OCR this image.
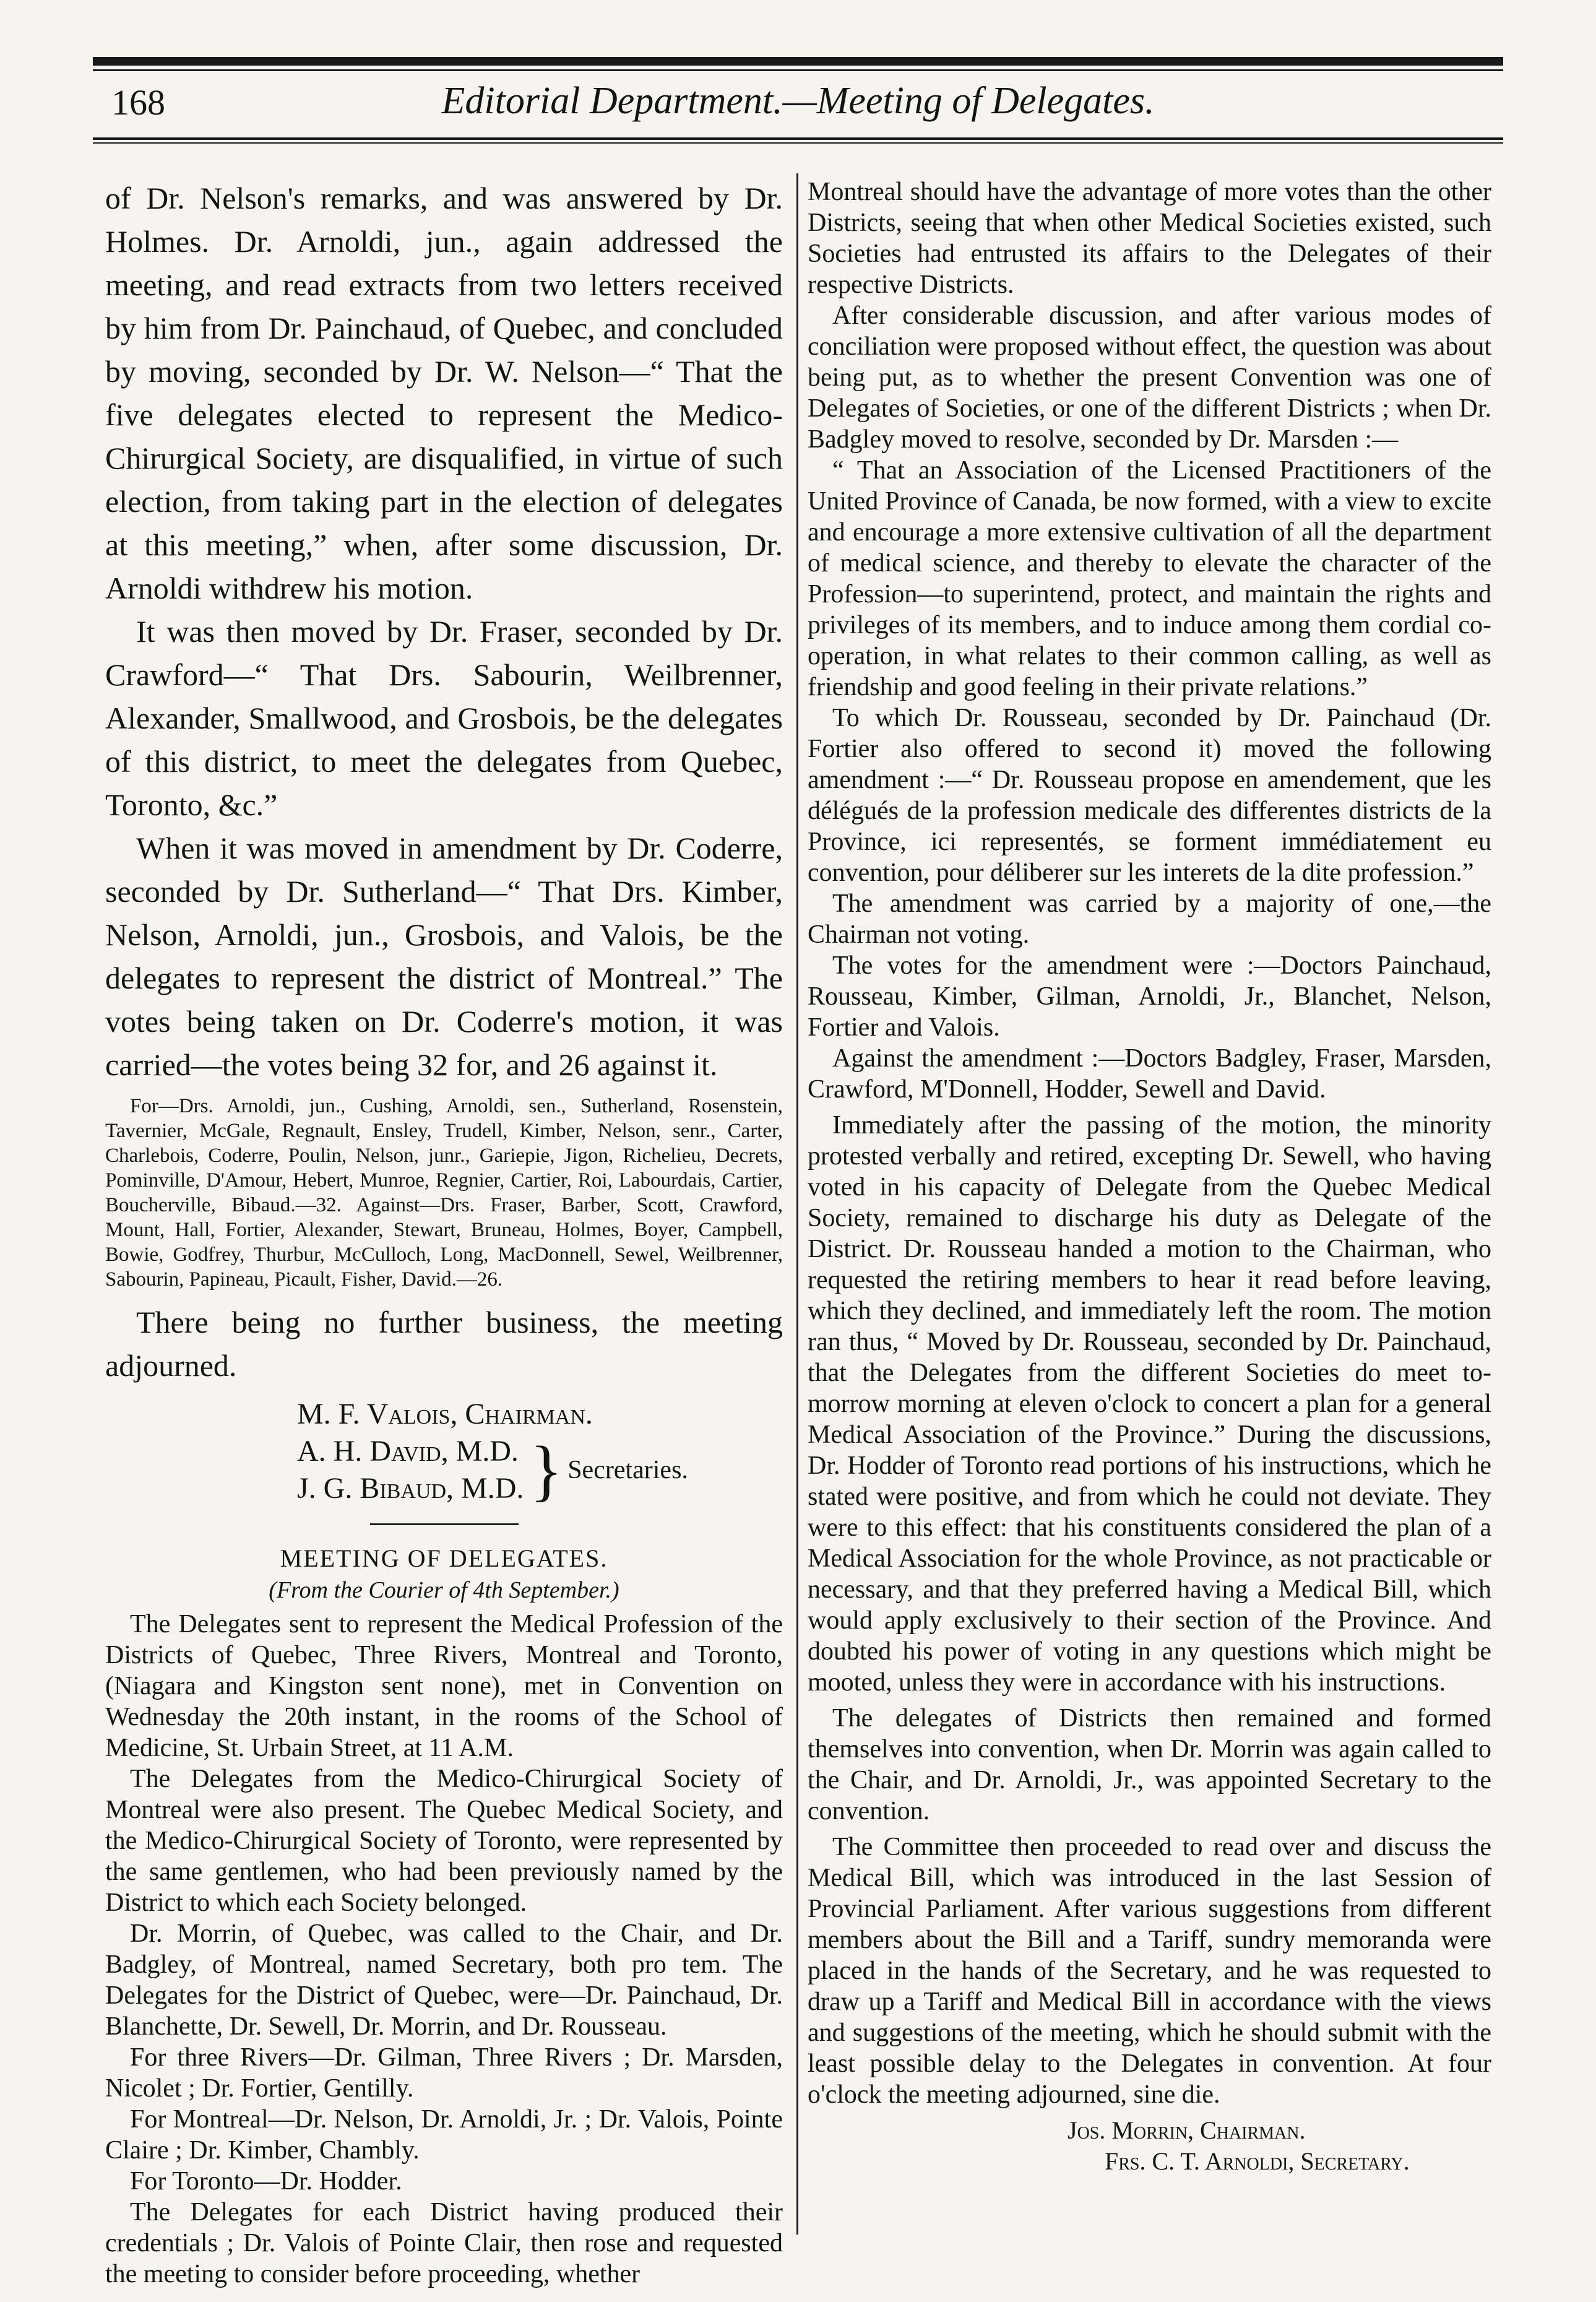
168	Editorial Department.—Meeting of Delegates.

of Dr. Nelson's remarks, and was answered by Dr. Holmes. Dr. Arnoldi, jun., again addressed the meeting, and read extracts from two letters received by him from Dr. Painchaud, of Quebec, and concluded by moving, seconded by Dr. W. Nelson—“ That the five delegates elected to represent the Medico-Chirurgical Society, are disqualified, in virtue of such election, from taking part in the election of delegates at this meeting,” when, after some discussion, Dr. Arnoldi withdrew his motion.

It was then moved by Dr. Fraser, seconded by Dr. Crawford—“ That Drs. Sabourin, Weilbrenner, Alexander, Smallwood, and Grosbois, be the delegates of this district, to meet the delegates from Quebec, Toronto, &c.”

When it was moved in amendment by Dr. Coderre, seconded by Dr. Sutherland—“ That Drs. Kimber, Nelson, Arnoldi, jun., Grosbois, and Valois, be the delegates to represent the district of Montreal.” The votes being taken on Dr. Coderre's motion, it was carried—the votes being 32 for, and 26 against it.

For—Drs. Arnoldi, jun., Cushing, Arnoldi, sen., Sutherland, Rosenstein, Tavernier, McGale, Regnault, Ensley, Trudell, Kimber, Nelson, senr., Carter, Charlebois, Coderre, Poulin, Nelson, junr., Gariepie, Jigon, Richelieu, Decrets, Pominville, D'Amour, Hebert, Munroe, Regnier, Cartier, Roi, Labourdais, Cartier, Boucherville, Bibaud.—32. Against—Drs. Fraser, Barber, Scott, Crawford, Mount, Hall, Fortier, Alexander, Stewart, Bruneau, Holmes, Boyer, Campbell, Bowie, Godfrey, Thurbur, McCulloch, Long, MacDonnell, Sewel, Weilbrenner, Sabourin, Papineau, Picault, Fisher, David.—26.

There being no further business, the meeting adjourned.

M. F. Valois, Chairman.
A. H. David, M.D.
J. G. Bibaud, M.D. } Secretaries.
MEETING OF DELEGATES.
(From the Courier of 4th September.)

The Delegates sent to represent the Medical Profession of the Districts of Quebec, Three Rivers, Montreal and Toronto, (Niagara and Kingston sent none), met in Convention on Wednesday the 20th instant, in the rooms of the School of Medicine, St. Urbain Street, at 11 A.M.

The Delegates from the Medico-Chirurgical Society of Montreal were also present. The Quebec Medical Society, and the Medico-Chirurgical Society of Toronto, were represented by the same gentlemen, who had been previously named by the District to which each Society belonged.

Dr. Morrin, of Quebec, was called to the Chair, and Dr. Badgley, of Montreal, named Secretary, both pro tem. The Delegates for the District of Quebec, were—Dr. Painchaud, Dr. Blanchette, Dr. Sewell, Dr. Morrin, and Dr. Rousseau.

For three Rivers—Dr. Gilman, Three Rivers ; Dr. Marsden, Nicolet ; Dr. Fortier, Gentilly.

For Montreal—Dr. Nelson, Dr. Arnoldi, Jr. ; Dr. Valois, Pointe Claire ; Dr. Kimber, Chambly.

For Toronto—Dr. Hodder.

The Delegates for each District having produced their credentials ; Dr. Valois of Pointe Clair, then rose and requested the meeting to consider before proceeding, whether

Montreal should have the advantage of more votes than the other Districts, seeing that when other Medical Societies existed, such Societies had entrusted its affairs to the Delegates of their respective Districts.

After considerable discussion, and after various modes of conciliation were proposed without effect, the question was about being put, as to whether the present Convention was one of Delegates of Societies, or one of the different Districts ; when Dr. Badgley moved to resolve, seconded by Dr. Marsden :—

“ That an Association of the Licensed Practitioners of the United Province of Canada, be now formed, with a view to excite and encourage a more extensive cultivation of all the department of medical science, and thereby to elevate the character of the Profession—to superintend, protect, and maintain the rights and privileges of its members, and to induce among them cordial co-operation, in what relates to their common calling, as well as friendship and good feeling in their private relations.”

To which Dr. Rousseau, seconded by Dr. Painchaud (Dr. Fortier also offered to second it) moved the following amendment :—“ Dr. Rousseau propose en amendement, que les délégués de la profession medicale des differentes districts de la Province, ici representés, se forment immédiatement eu convention, pour déliberer sur les interets de la dite profession.”

The amendment was carried by a majority of one,—the Chairman not voting.

The votes for the amendment were :—Doctors Painchaud, Rousseau, Kimber, Gilman, Arnoldi, Jr., Blanchet, Nelson, Fortier and Valois.

Against the amendment :—Doctors Badgley, Fraser, Marsden, Crawford, M'Donnell, Hodder, Sewell and David.

Immediately after the passing of the motion, the minority protested verbally and retired, excepting Dr. Sewell, who having voted in his capacity of Delegate from the Quebec Medical Society, remained to discharge his duty as Delegate of the District. Dr. Rousseau handed a motion to the Chairman, who requested the retiring members to hear it read before leaving, which they declined, and immediately left the room. The motion ran thus, “ Moved by Dr. Rousseau, seconded by Dr. Painchaud, that the Delegates from the different Societies do meet to-morrow morning at eleven o'clock to concert a plan for a general Medical Association of the Province.” During the discussions, Dr. Hodder of Toronto read portions of his instructions, which he stated were positive, and from which he could not deviate. They were to this effect: that his constituents considered the plan of a Medical Association for the whole Province, as not practicable or necessary, and that they preferred having a Medical Bill, which would apply exclusively to their section of the Province. And doubted his power of voting in any questions which might be mooted, unless they were in accordance with his instructions.

The delegates of Districts then remained and formed themselves into convention, when Dr. Morrin was again called to the Chair, and Dr. Arnoldi, Jr., was appointed Secretary to the convention.

The Committee then proceeded to read over and discuss the Medical Bill, which was introduced in the last Session of Provincial Parliament. After various suggestions from different members about the Bill and a Tariff, sundry memoranda were placed in the hands of the Secretary, and he was requested to draw up a Tariff and Medical Bill in accordance with the views and suggestions of the meeting, which he should submit with the least possible delay to the Delegates in convention. At four o'clock the meeting adjourned, sine die.

Jos. Morrin, Chairman.
Frs. C. T. Arnoldi, Secretary.
